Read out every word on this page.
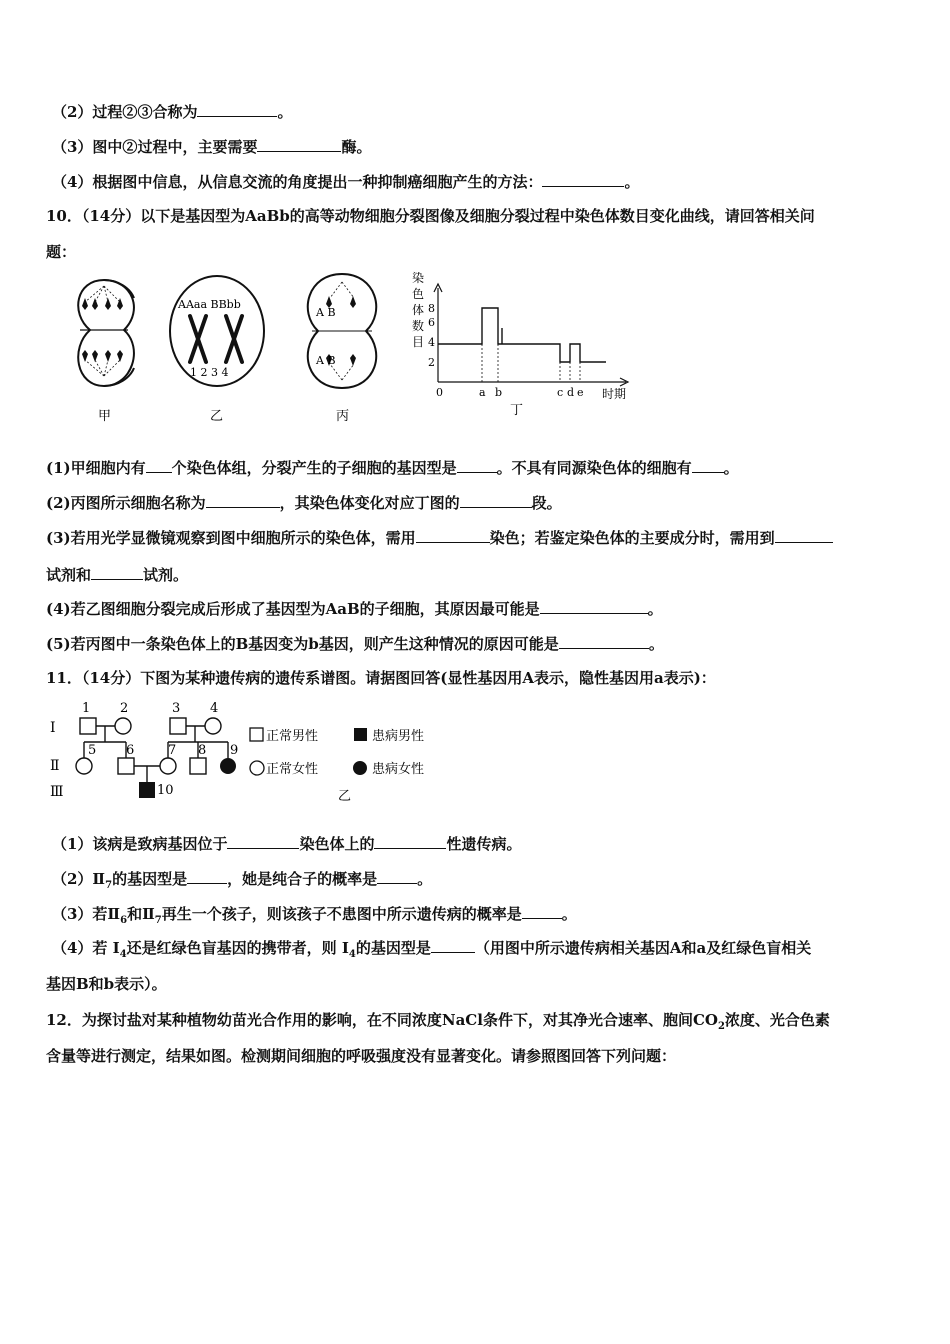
（2）过程②③合称为	。
（3）图中②过程中，主要需要	酶。
（4）根据图中信息，从信息交流的角度提出一种抑制癌细胞产生的方法：	。
10．（14分）以下是基因型为AaBb的高等动物细胞分裂图像及细胞分裂过程中染色体数目变化曲线，请回答相关问
题：
AAaa BBbb
1 2 3 4
A B
A B
甲	乙	丙
染
色
体
数
目
8
6
4
2
0	a b	c d e 时期
丁
(1)甲细胞内有 个染色体组，分裂产生的子细胞的基因型是	。不具有同源染色体的细胞有 。
(2)丙图所示细胞名称为	，其染色体变化对应丁图的	段。
(3)若用光学显微镜观察到图中细胞所示的染色体，需用	染色；若鉴定染色体的主要成分时，需用到
试剂和	试剂。
(4)若乙图细胞分裂完成后形成了基因型为AaB的子细胞，其原因最可能是	。
(5)若丙图中一条染色体上的B基因变为b基因，则产生这种情况的原因可能是	。
11．（14分）下图为某种遗传病的遗传系谱图。请据图回答(显性基因用A表示，隐性基因用a表示)：
Ⅰ
Ⅱ
Ⅲ
1 2	3 4
5 6	7 8 9
10
正常男性	患病男性
正常女性	患病女性
乙
（1）该病是致病基因位于	染色体上的	性遗传病。
$(2)Ⅱ_7$的基因型是	，她是纯合子的概率是	。
（3）若$Ⅱ_6$和$Ⅱ_7$再生一个孩子，则该孩子不患图中所示遗传病的概率是	。
（4）若 $I_4$还是红绿色盲基因的携带者，则 $I_4$的基因型是	（用图中所示遗传病相关基因A和a及红绿色盲相关
基因B和b表示）。
12．为探讨盐对某种植物幼苗光合作用的影响，在不同浓度NaCl条件下，对其净光合速率、胞间$CO_2$浓度、光合色素
含量等进行测定，结果如图。检测期间细胞的呼吸强度没有显著变化。请参照图回答下列问题：
